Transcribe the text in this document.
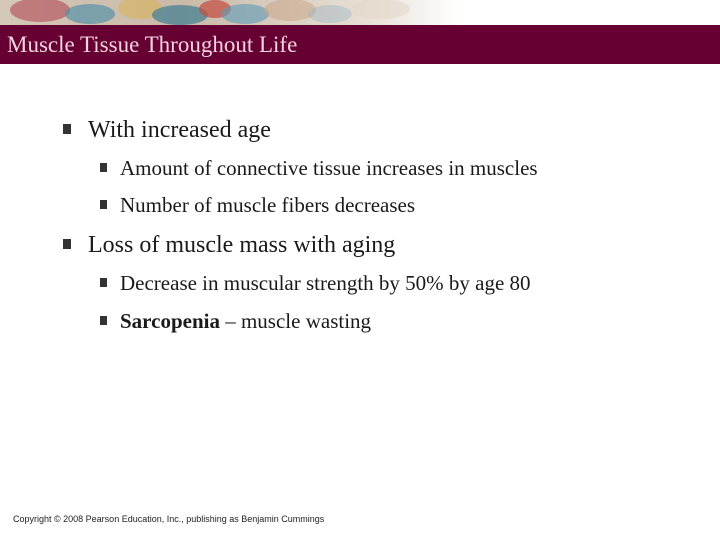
Muscle Tissue Throughout Life
With increased age
Amount of connective tissue increases in muscles
Number of muscle fibers decreases
Loss of muscle mass with aging
Decrease in muscular strength by 50% by age 80
Sarcopenia – muscle wasting
Copyright © 2008 Pearson Education, Inc., publishing as Benjamin Cummings
